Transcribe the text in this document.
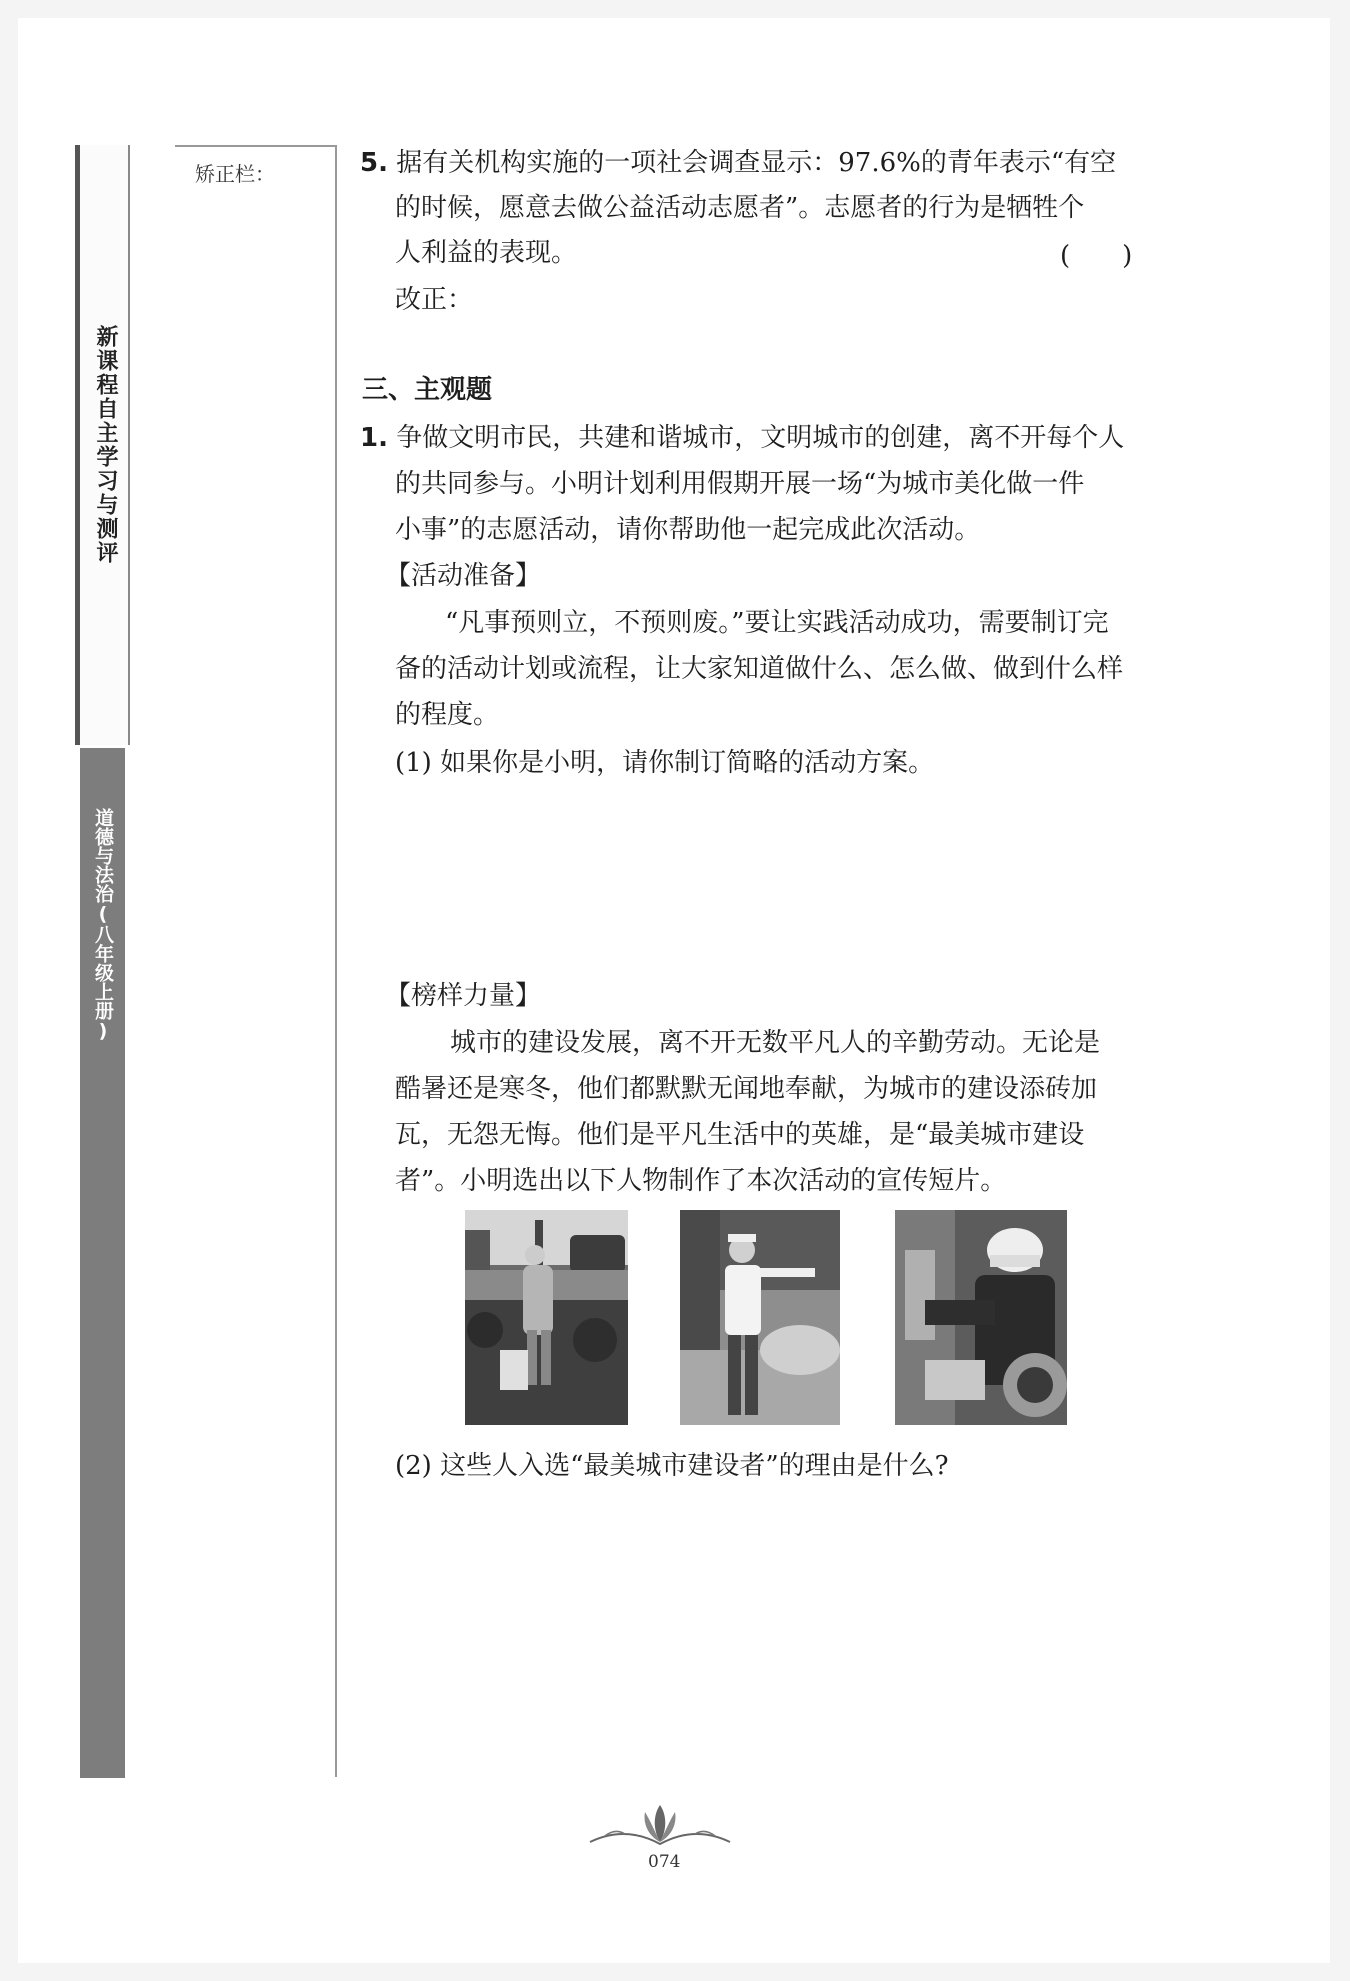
新课程自主学习与测评
道德与法治(八年级上册)
矫正栏：	5. 据有关机构实施的一项社会调查显示：97.6%的青年表示“有空
的时候，愿意去做公益活动志愿者”。志愿者的行为是牺牲个
人利益的表现。	(　　)
改正：
三、主观题
1. 争做文明市民，共建和谐城市，文明城市的创建，离不开每个人
的共同参与。小明计划利用假期开展一场“为城市美化做一件
小事”的志愿活动，请你帮助他一起完成此次活动。
【活动准备】
“凡事预则立，不预则废。”要让实践活动成功，需要制订完
备的活动计划或流程，让大家知道做什么、怎么做、做到什么样
的程度。
(1) 如果你是小明，请你制订简略的活动方案。
【榜样力量】
城市的建设发展，离不开无数平凡人的辛勤劳动。无论是
酷暑还是寒冬，他们都默默无闻地奉献，为城市的建设添砖加
瓦，无怨无悔。他们是平凡生活中的英雄，是“最美城市建设
者”。小明选出以下人物制作了本次活动的宣传短片。
(2) 这些人入选“最美城市建设者”的理由是什么?
074
